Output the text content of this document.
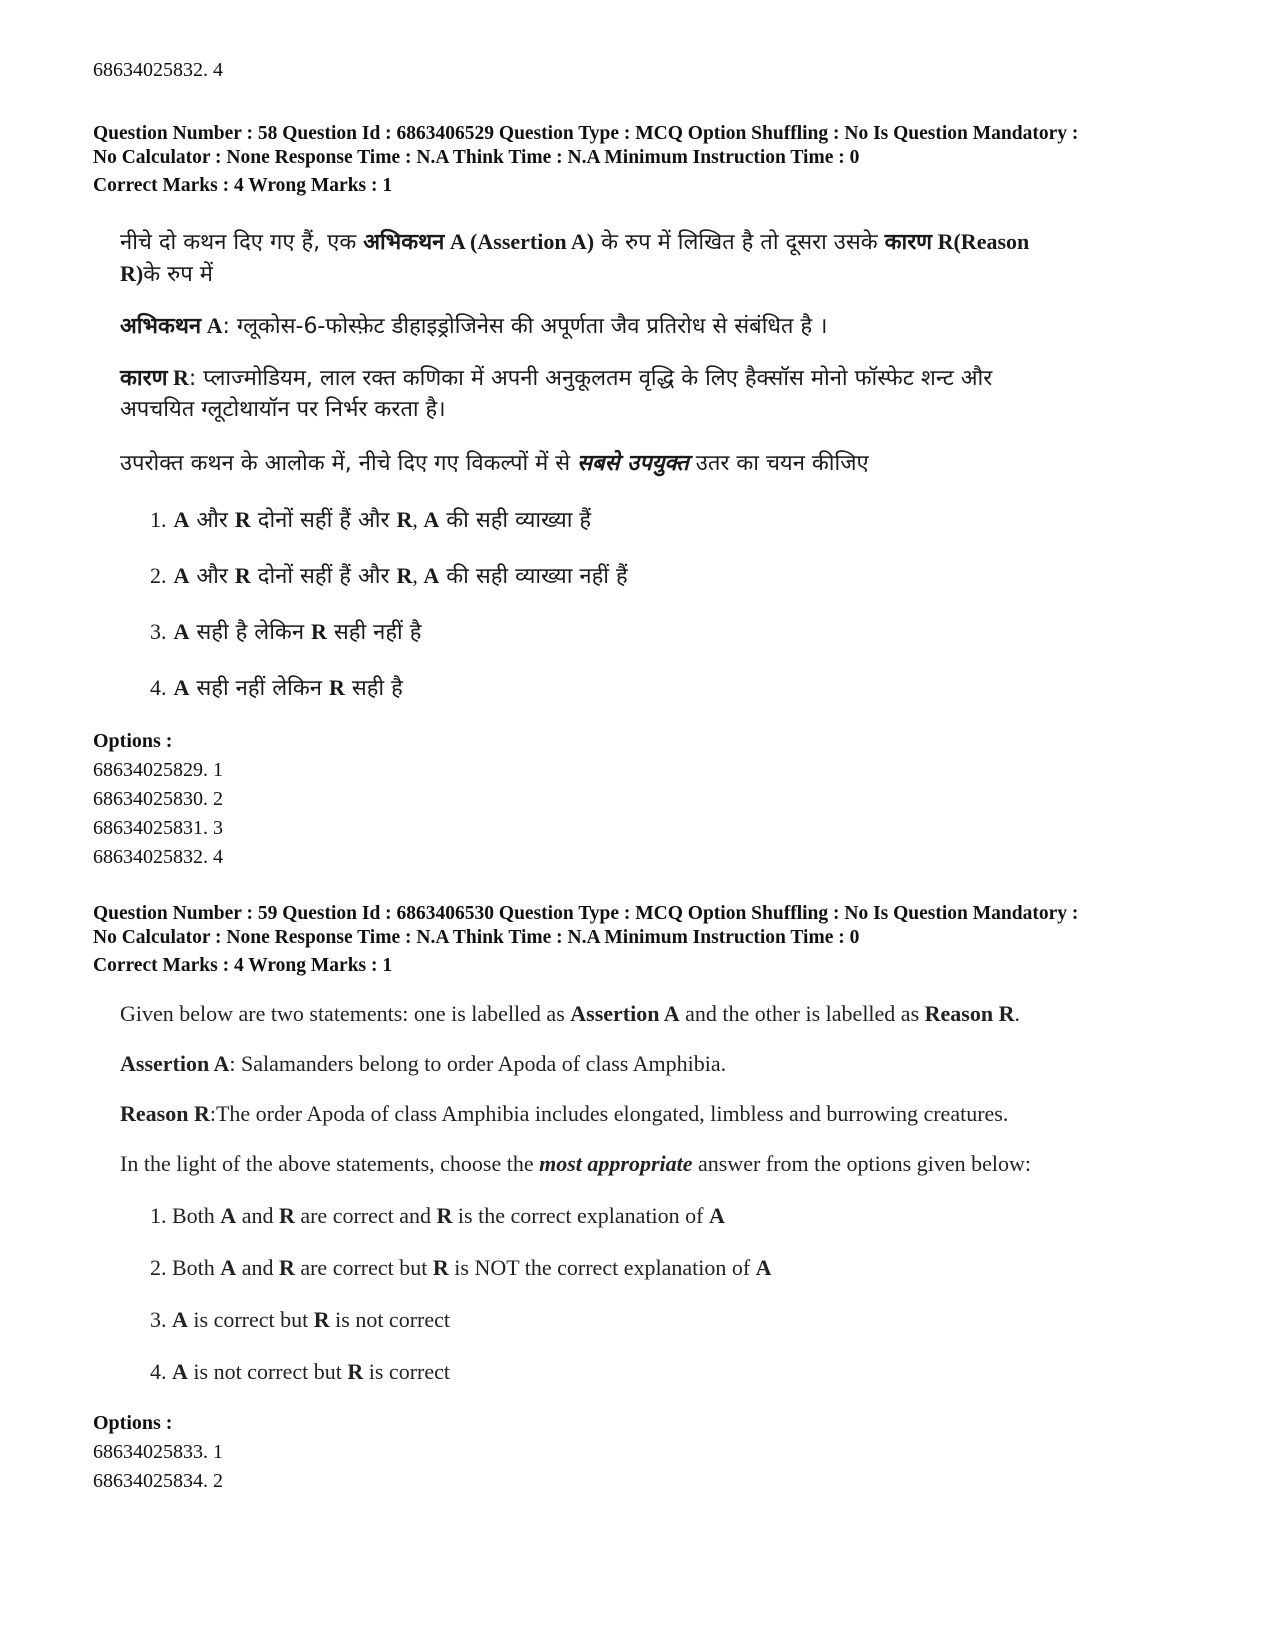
68634025832. 4
Question Number : 58 Question Id : 6863406529 Question Type : MCQ Option Shuffling : No Is Question Mandatory :
No Calculator : None Response Time : N.A Think Time : N.A Minimum Instruction Time : 0
Correct Marks : 4 Wrong Marks : 1
नीचे दो कथन दिए गए हैं, एक अभिकथन A (Assertion A) के रुप में लिखित है तो दूसरा उसके कारण R(Reason
R)के रुप में
अभिकथन A: ग्लूकोस-6-फोस्फ़ेट डीहाइड्रोजिनेस की अपूर्णता जैव प्रतिरोध से संबंधित है ।
कारण R: प्लाज्मोडियम, लाल रक्त कणिका में अपनी अनुकूलतम वृद्धि के लिए हैक्सॉस मोनो फॉस्फेट शन्ट और
अपचयित ग्लूटोथायॉन पर निर्भर करता है।
उपरोक्त कथन के आलोक में, नीचे दिए गए विकल्पों में से सबसे उपयुक्त उतर का चयन कीजिए
1. A और R दोनों सहीं हैं और R, A की सही व्याख्या हैं
2. A और R दोनों सहीं हैं और R, A की सही व्याख्या नहीं हैं
3. A सही है लेकिन R सही नहीं है
4. A सही नहीं लेकिन R सही है
Options :
68634025829. 1
68634025830. 2
68634025831. 3
68634025832. 4
Question Number : 59 Question Id : 6863406530 Question Type : MCQ Option Shuffling : No Is Question Mandatory :
No Calculator : None Response Time : N.A Think Time : N.A Minimum Instruction Time : 0
Correct Marks : 4 Wrong Marks : 1
Given below are two statements: one is labelled as Assertion A and the other is labelled as Reason R.
Assertion A: Salamanders belong to order Apoda of class Amphibia.
Reason R:The order Apoda of class Amphibia includes elongated, limbless and burrowing creatures.
In the light of the above statements, choose the most appropriate answer from the options given below:
1. Both A and R are correct and R is the correct explanation of A
2. Both A and R are correct but R is NOT the correct explanation of A
3. A is correct but R is not correct
4. A is not correct but R is correct
Options :
68634025833. 1
68634025834. 2
